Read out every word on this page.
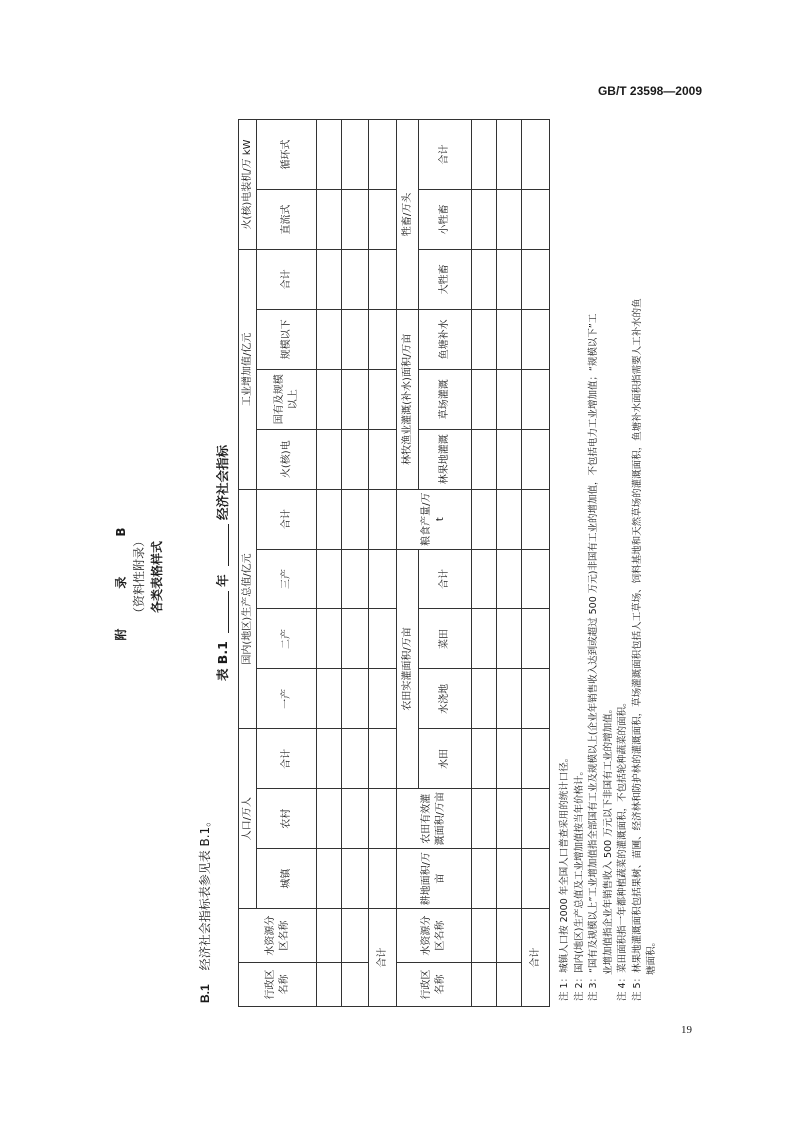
GB/T 23598—2009
19
附　录　B （资料性附录） 各类表格样式
B.1经济社会指标表参见表 B.1。
表 B.1 年 经济社会指标
行政区名称	水资源分区名称	人口/万人			国内(地区)生产总值/亿元				工业增加值/亿元				火(核)电装机/万 kW	
		城镇	农村	合计	一产	二产	三产	合计	火(核)电	国有及规模以上	规模以下	合计	直流式	循环式

合计														
行政区名称	水资源分区名称	耕地面积/万亩	农田有效灌溉面积/万亩	农田实灌面积/万亩				粮食产量/万t	林牧渔业灌溉(补水)面积/万亩			牲畜/万头		
				水田	水浇地	菜田	合计		林果地灌溉	草场灌溉	鱼塘补水	大牲畜	小牲畜	合计

合计														注 1：城镇人口按 2000 年全国人口普查采用的统计口径。 注 2：国内(地区)生产总值及工业增加值按当年价格计。 注 3：“国有及规模以上”工业增加值指全部国有工业及规模以上(企业年销售收入达到或超过 500 万元)非国有工业的增加值，不包括电力工业增加值；“规模以下”工 业增加值指企业年销售收入 500 万元以下非国有工业的增加值。 注 4：菜田面积指一年都种植蔬菜的灌溉面积，不包括轮种蔬菜的面积。 注 5：林果地灌溉面积包括果树、苗圃、经济林和防护林的灌溉面积，草场灌溉面积包括人工草场、饲料基地和天然草场的灌溉面积，鱼塘补水面积指需要人工补水的鱼 塘面积。
